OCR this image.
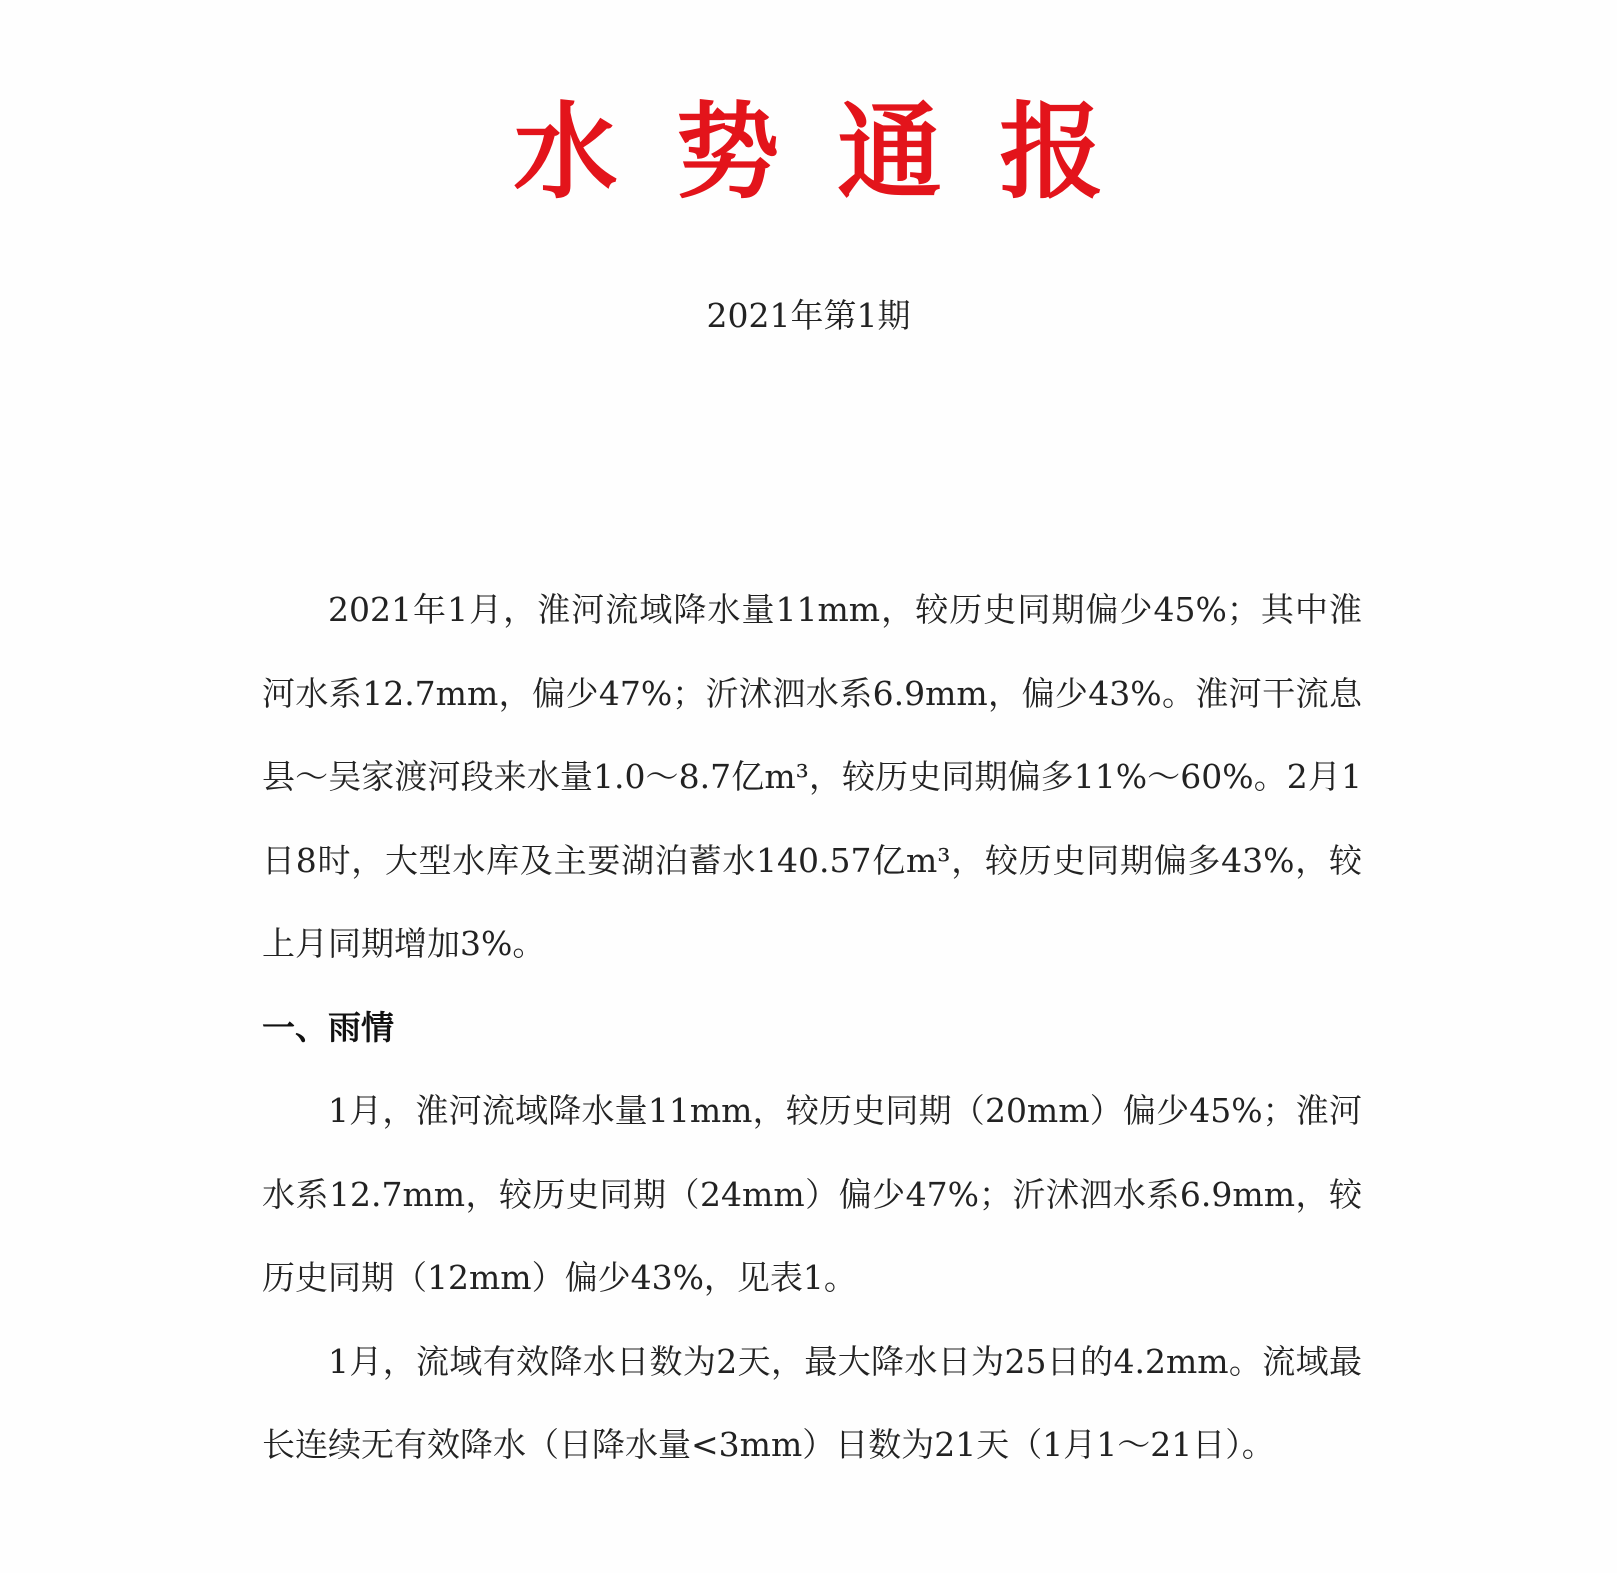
水势通报
2021年第1期

2021年1月，淮河流域降水量11mm，较历史同期偏少45%；其中淮河水系12.7mm，偏少47%；沂沭泗水系6.9mm，偏少43%。淮河干流息县～吴家渡河段来水量1.0～8.7亿m³，较历史同期偏多11%～60%。2月1日8时，大型水库及主要湖泊蓄水140.57亿m³，较历史同期偏多43%，较上月同期增加3%。

一、雨情

1月，淮河流域降水量11mm，较历史同期（20mm）偏少45%；淮河水系12.7mm，较历史同期（24mm）偏少47%；沂沭泗水系6.9mm，较历史同期（12mm）偏少43%，见表1。

1月，流域有效降水日数为2天，最大降水日为25日的4.2mm。流域最长连续无有效降水（日降水量<3mm）日数为21天（1月1～21日）。
